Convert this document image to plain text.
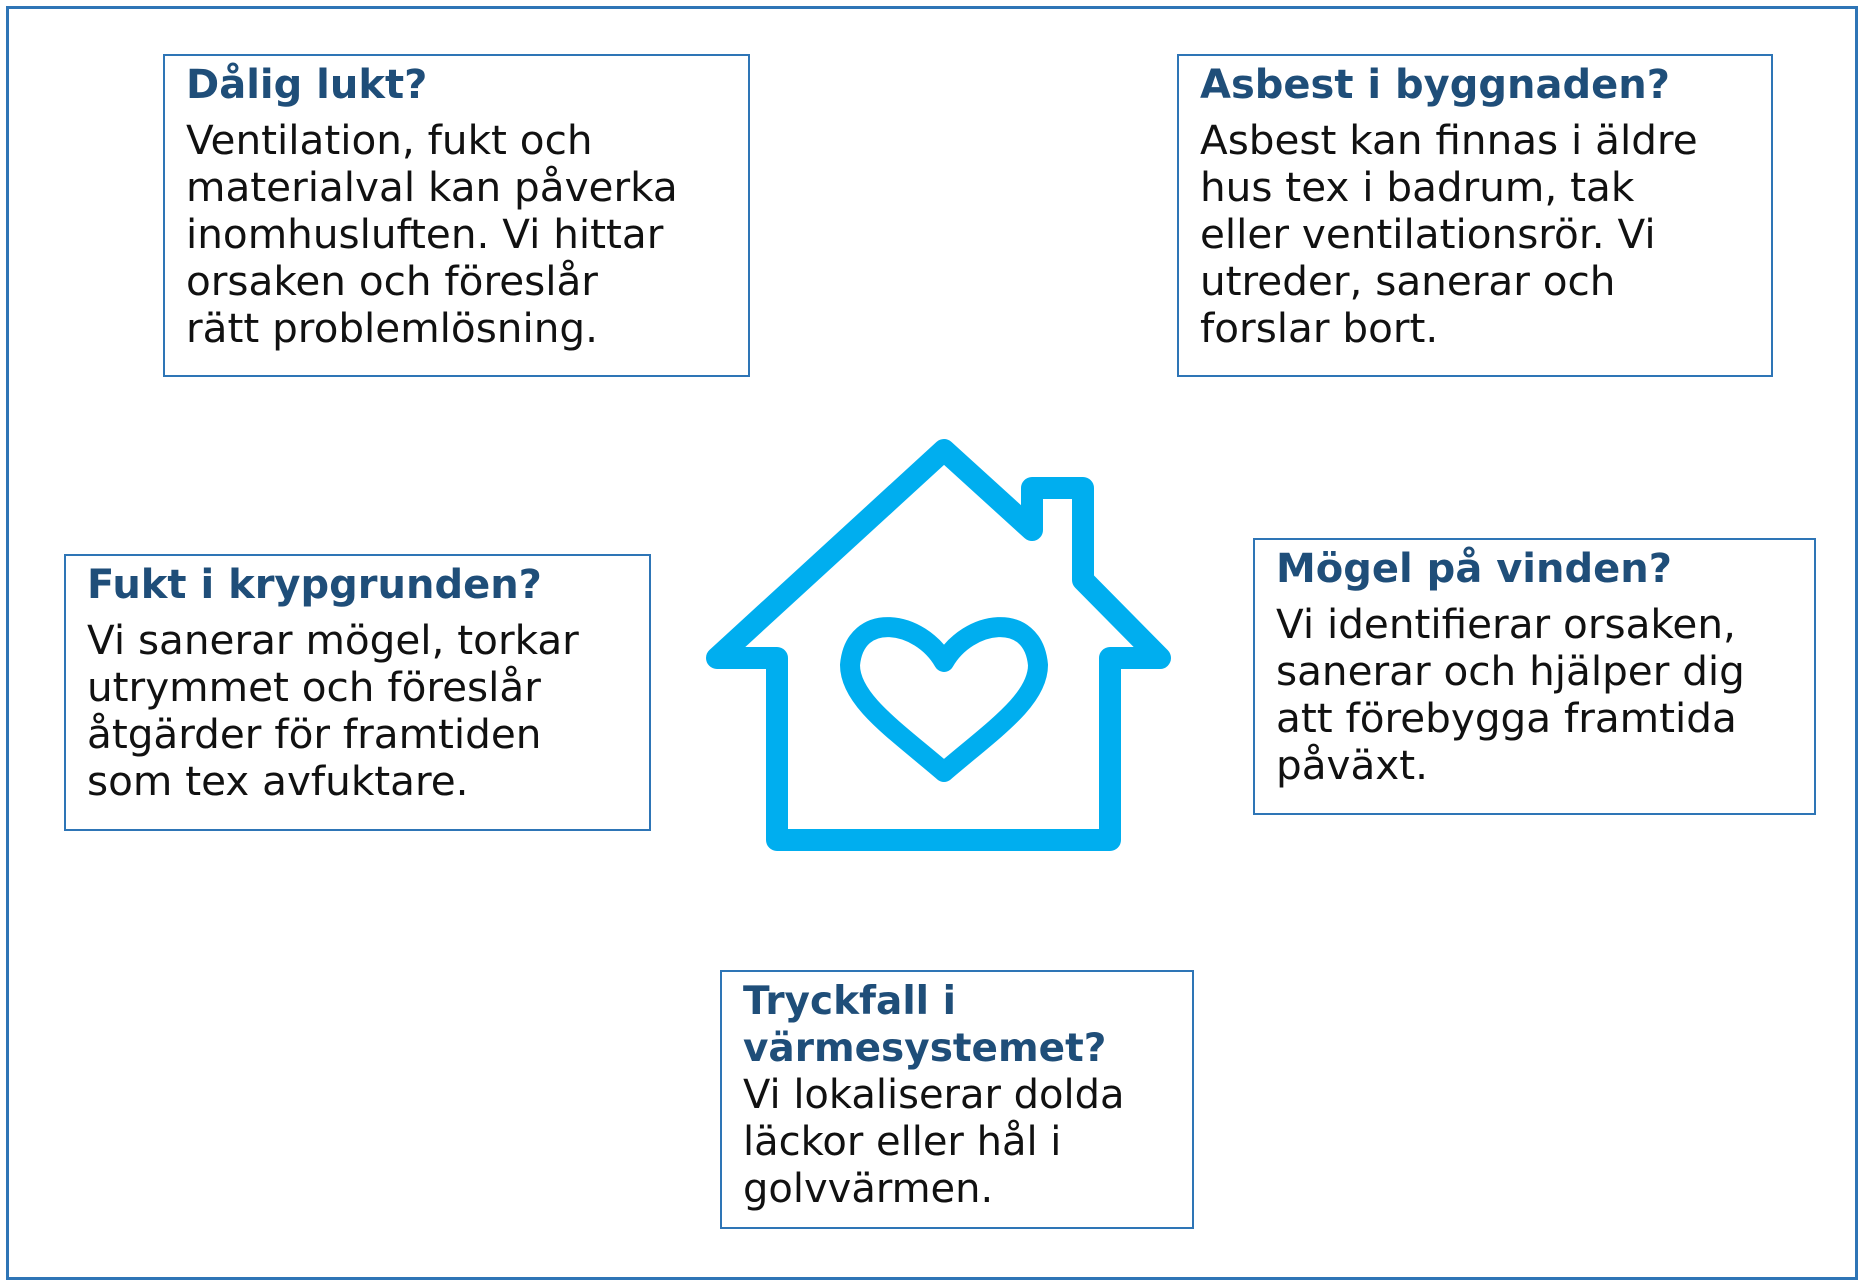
Dålig lukt?

Ventilation, fukt och

materialval kan påverka

inomhusluften. Vi hittar

orsaken och föreslår

rätt problemlösning.

Asbest i byggnaden?

Asbest kan finnas i äldre

hus tex i badrum, tak

eller ventilationsrör. Vi

utreder, sanerar och

forslar bort.

Fukt i krypgrunden?

Vi sanerar mögel, torkar

utrymmet och föreslår

åtgärder för framtiden

som tex avfuktare.

Mögel på vinden?

Vi identifierar orsaken,

sanerar och hjälper dig

att förebygga framtida

påväxt.

Tryckfall i

värmesystemet?

Vi lokaliserar dolda

läckor eller hål i

golvvärmen.
